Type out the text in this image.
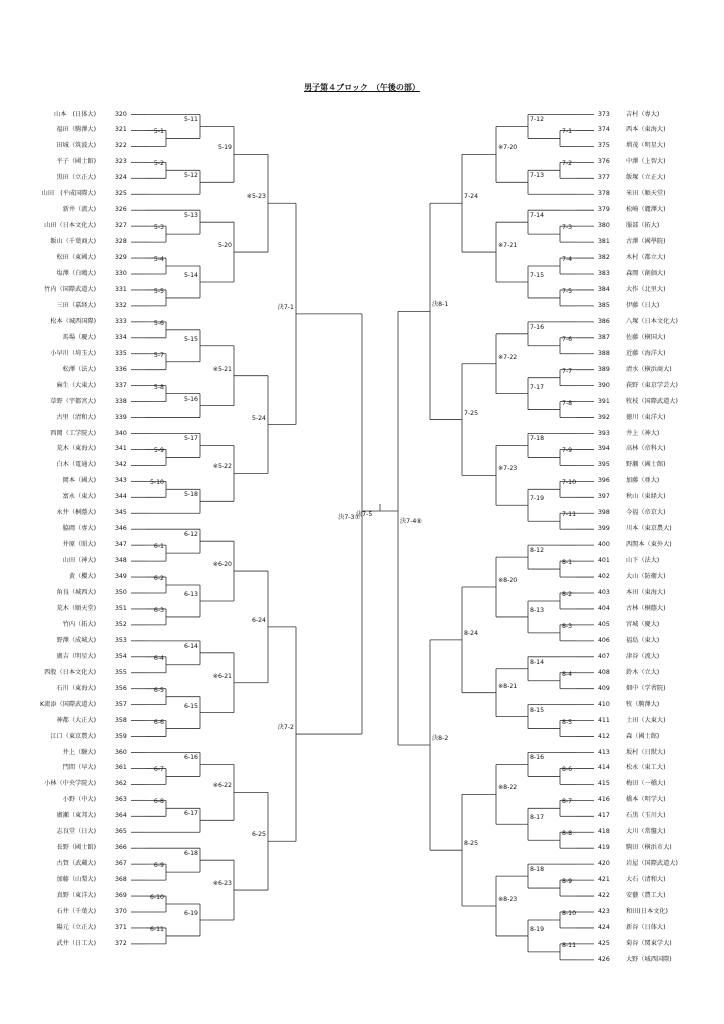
男子第４ブロック　（午後の部）
山本　(日体大)	320
福田（駒澤大)	321
田城（筑波大)	322
平子（國士館)	323
黒田（立正大)	324
山田　(平成国際大)	325
新井（流大)	326
山田（日本文化大)	327
飯山（千葉商大)	328
松田（東國大)	329
塩澤（白鴎大)	330
竹内（国際武道大)	331
三田（嘉経大)	332
松本（城西国際)	333
馬場（慶大)	334
小早川（埼玉大)	335
松澤（法大)	336
麻生（大東大)	337
草野（宇都宮大)	338
古里（清和大)	339
西岡（工学院大)	340
荒木（東海大)	341
白木（電通大)	342
岡本（國大)	343
富永（東大)	344
永井（桐蔭大)	345
脇岡（専大)	346
井原（昭大)	347
山田（神大)	348
黄（櫻大)	349
角良（城西大)	350
荒木（順天堂)	351
竹内（拓大)	352
野澤（成城大)	353
廣吉（明星大)	354
西股（日本文化大)	355
石川（東海大)	356
K流添（国際武道大)	357
神都（大正大)	358
江口（東京農大)	359
井上（駿大)	360
門間（早大)	361
小林（中央学院大)	362
小野（中大)	363
廣瀬（東邦大)	364
志良堂（日大)	365
長野（國士館)	366
古賀（武蔵大)	367
加藤（山梨大)	368
真野（東洋大)	369
石井（千葉大)	370
陽元（立正大)	371
武井（日工大)	372
5-1
5-11
5-2
5-12
5-19
5-3
5-13
5-4
5-5
5-14
5-20
※5-23
5-6
5-7
5-15
5-8
5-16
※5-21
5-9
5-17
5-10
5-18
※5-22
5-24
決7-1
6-1
6-12
6-2
6-3
6-13
※6-20
6-4
6-14
6-5
6-6
6-15
※6-21
6-24
6-7
6-16
6-8
6-17
※6-22
6-9
6-18
6-10
6-11
6-19
※6-23
6-25
決7-2
決7-3⑦
373	吉村（専大)
374	西本（東海大)
375	増茂（明星大)
376	中澤（上智大)
377	飯塚（立正大)
378	米田（順天堂)
379	松崎（麗澤大)
380	服部（拓大)
381	古澤（國學院)
382	木村（都立大)
383	森岡（創価大)
384	大作（北里大)
385	伊藤（日大)
386	八塚（日本文化大)
387	佐藤（横国大)
388	近藤（海洋大)
389	清水（横浜商大)
390	荻野（東京学芸大)
391	牧枝（国際武道大)
392	徳川（東洋大)
393	井上（神大)
394	高林（帝科大)
395	野瀬（國士館)
396	加藤（亜大)
397	秋山（東経大)
398	今福（帝京大)
399	川本（東京農大)
400	西関本（東外大)
401	山下（法大)
402	大山（防衛大)
403	本田（東海大)
404	古林（桐蔭大)
405	宮城（慶大)
406	福島（東大)
407	津谷（流大)
408	鈴木（立大)
409	畑中（学習院)
410	牧（駒澤大)
411	土田（大東大)
412	森（國士館)
413	坂村（日獣大)
414	松永（東工大)
415	梅田（一橋大)
416	橋本（明学大)
417	石黒（玉川大)
418	大川（常盤大)
419	駒田（横浜市大)
420	岩屋（国際武道大)
421	大石（清和大)
422	安藝（農工大)
423	和田(日本文化)
424	新谷（日体大)
425	菊谷（関東学大)
426	大野（城西国際)
7-1
7-12
7-2
7-13
※7-20
7-3
7-14
7-4
7-5
7-15
※7-21
7-24
7-6
7-16
7-7
7-8
7-17
※7-22
7-9
7-18
7-10
7-11
7-19
※7-23
7-25
決8-1
8-1
8-12
8-2
8-3
8-13
※8-20
8-4
8-14
8-5
8-15
※8-21
8-24
8-6
8-16
8-7
8-8
8-17
※8-22
8-9
8-18
8-10
8-11
8-19
※8-23
8-25
決8-2
決7-4⑧
決7-5
